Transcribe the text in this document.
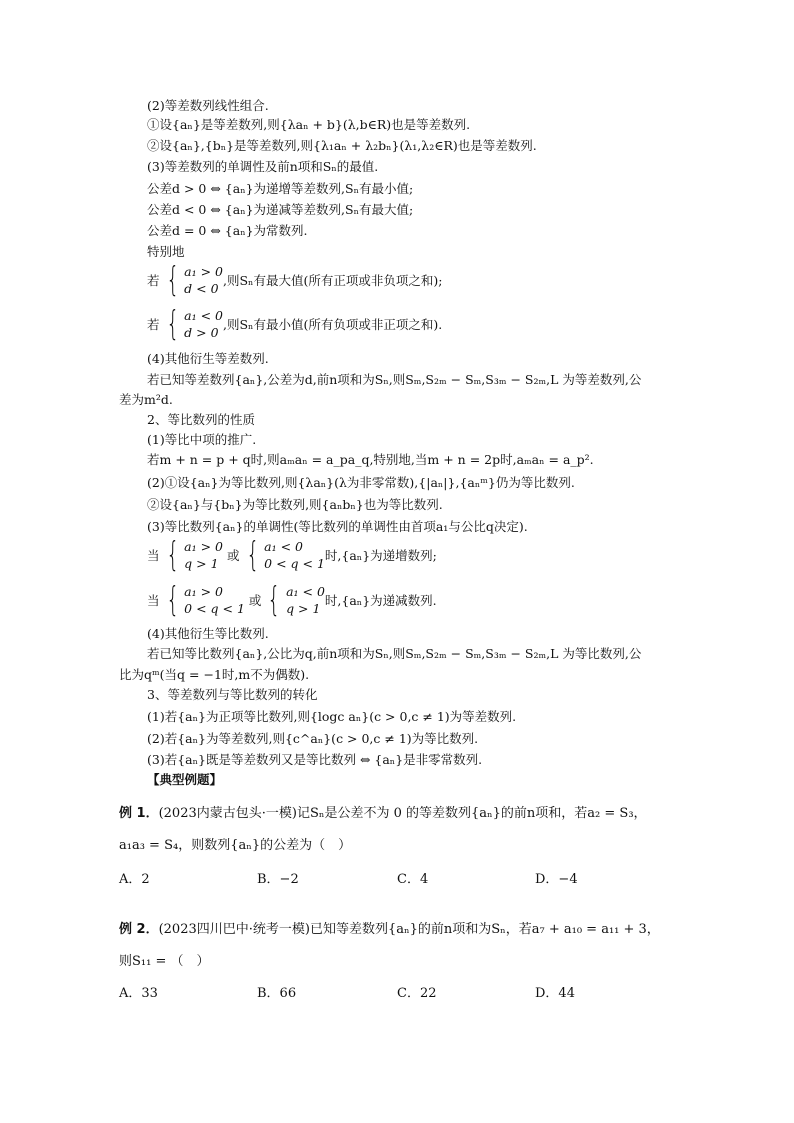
(2)等差数列线性组合.
①设{aₙ}是等差数列,则{λaₙ + b}(λ,b∈R)也是等差数列.
②设{aₙ},{bₙ}是等差数列,则{λ₁aₙ + λ₂bₙ}(λ₁,λ₂∈R)也是等差数列.
(3)等差数列的单调性及前n项和Sₙ的最值.
公差d > 0 ⇔ {aₙ}为递增等差数列,Sₙ有最小值;
公差d < 0 ⇔ {aₙ}为递减等差数列,Sₙ有最大值;
公差d = 0 ⇔ {aₙ}为常数列.
特别地
若 { a₁ > 0
d < 0
,则Sₙ有最大值(所有正项或非负项之和);
若 { a₁ < 0
d > 0
,则Sₙ有最小值(所有负项或非正项之和).
(4)其他衍生等差数列.
若已知等差数列{aₙ},公差为d,前n项和为Sₙ,则Sₘ,S₂ₘ − Sₘ,S₃ₘ − S₂ₘ,L 为等差数列,公
差为m²d.
2、等比数列的性质
(1)等比中项的推广.
若m + n = p + q时,则aₘaₙ = a_pa_q,特别地,当m + n = 2p时,aₘaₙ = a_p².
(2)①设{aₙ}为等比数列,则{λaₙ}(λ为非零常数),{|aₙ|},{aₙᵐ}仍为等比数列.
②设{aₙ}与{bₙ}为等比数列,则{aₙbₙ}也为等比数列.
(3)等比数列{aₙ}的单调性(等比数列的单调性由首项a₁与公比q决定).
当 { a₁ > 0
q > 1
或 { a₁ < 0
0 < q < 1
时,{aₙ}为递增数列;
当 { a₁ > 0
0 < q < 1
或 { a₁ < 0
q > 1
时,{aₙ}为递减数列.
(4)其他衍生等比数列.
若已知等比数列{aₙ},公比为q,前n项和为Sₙ,则Sₘ,S₂ₘ − Sₘ,S₃ₘ − S₂ₘ,L 为等比数列,公
比为qᵐ(当q = −1时,m不为偶数).
3、等差数列与等比数列的转化
(1)若{aₙ}为正项等比数列,则{logc aₙ}(c > 0,c ≠ 1)为等差数列.
(2)若{aₙ}为等差数列,则{c^aₙ}(c > 0,c ≠ 1)为等比数列.
(3)若{aₙ}既是等差数列又是等比数列 ⇔ {aₙ}是非零常数列.
【典型例题】
例 1．(2023内蒙古包头·一模)记Sₙ是公差不为 0 的等差数列{aₙ}的前n项和，若a₂ = S₃，
a₁a₃ = S₄，则数列{aₙ}的公差为（　）
A．2	B．−2	C．4	D．−4
例 2．(2023四川巴中·统考一模)已知等差数列{aₙ}的前n项和为Sₙ，若a₇ + a₁₀ = a₁₁ + 3，
则S₁₁ = （　）
A．33	B．66	C．22	D．44
